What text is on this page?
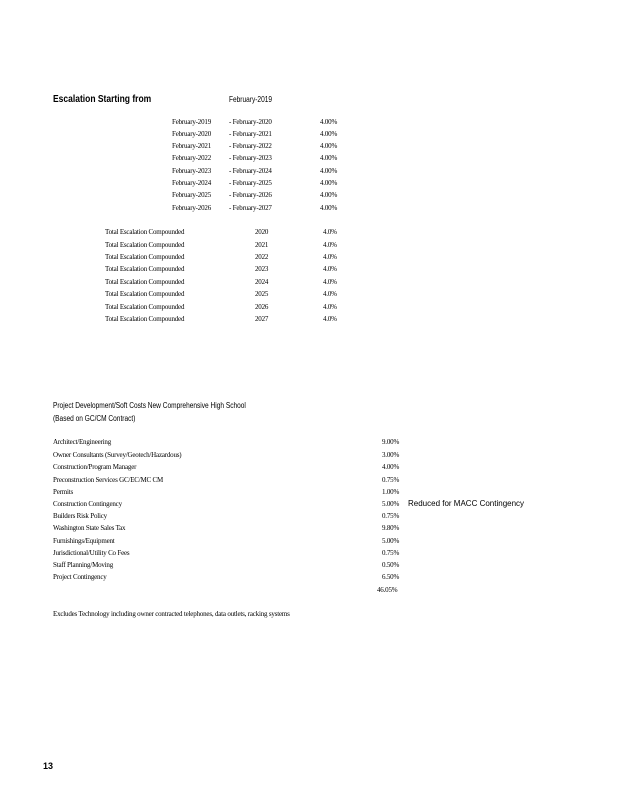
Escalation Starting from	February-2019
February-2019	- February-2020	4.00%
February-2020	- February-2021	4.00%
February-2021	- February-2022	4.00%
February-2022	- February-2023	4.00%
February-2023	- February-2024	4.00%
February-2024	- February-2025	4.00%
February-2025	- February-2026	4.00%
February-2026	- February-2027	4.00%
Total Escalation Compounded	2020	4.0%
Total Escalation Compounded	2021	4.0%
Total Escalation Compounded	2022	4.0%
Total Escalation Compounded	2023	4.0%
Total Escalation Compounded	2024	4.0%
Total Escalation Compounded	2025	4.0%
Total Escalation Compounded	2026	4.0%
Total Escalation Compounded	2027	4.0%
Project Development/Soft Costs New Comprehensive High School
(Based on GC/CM Contract)
Architect/Engineering	9.00%
Owner Consultants (Survey/Geotech/Hazardous)	3.00%
Construction/Program Manager	4.00%
Preconstruction Services GC/EC/MC CM	0.75%
Permits	1.00%
Construction Contingency	5.00% Reduced for MACC Contingency
Builders Risk Policy	0.75%
Washington State Sales Tax	9.80%
Furnishings/Equipment	5.00%
Jurisdictional/Utility Co Fees	0.75%
Staff Planning/Moving	0.50%
Project Contingency	6.50%
46.05%
Excludes Technology including owner contracted telephones, data outlets, racking systems
13
